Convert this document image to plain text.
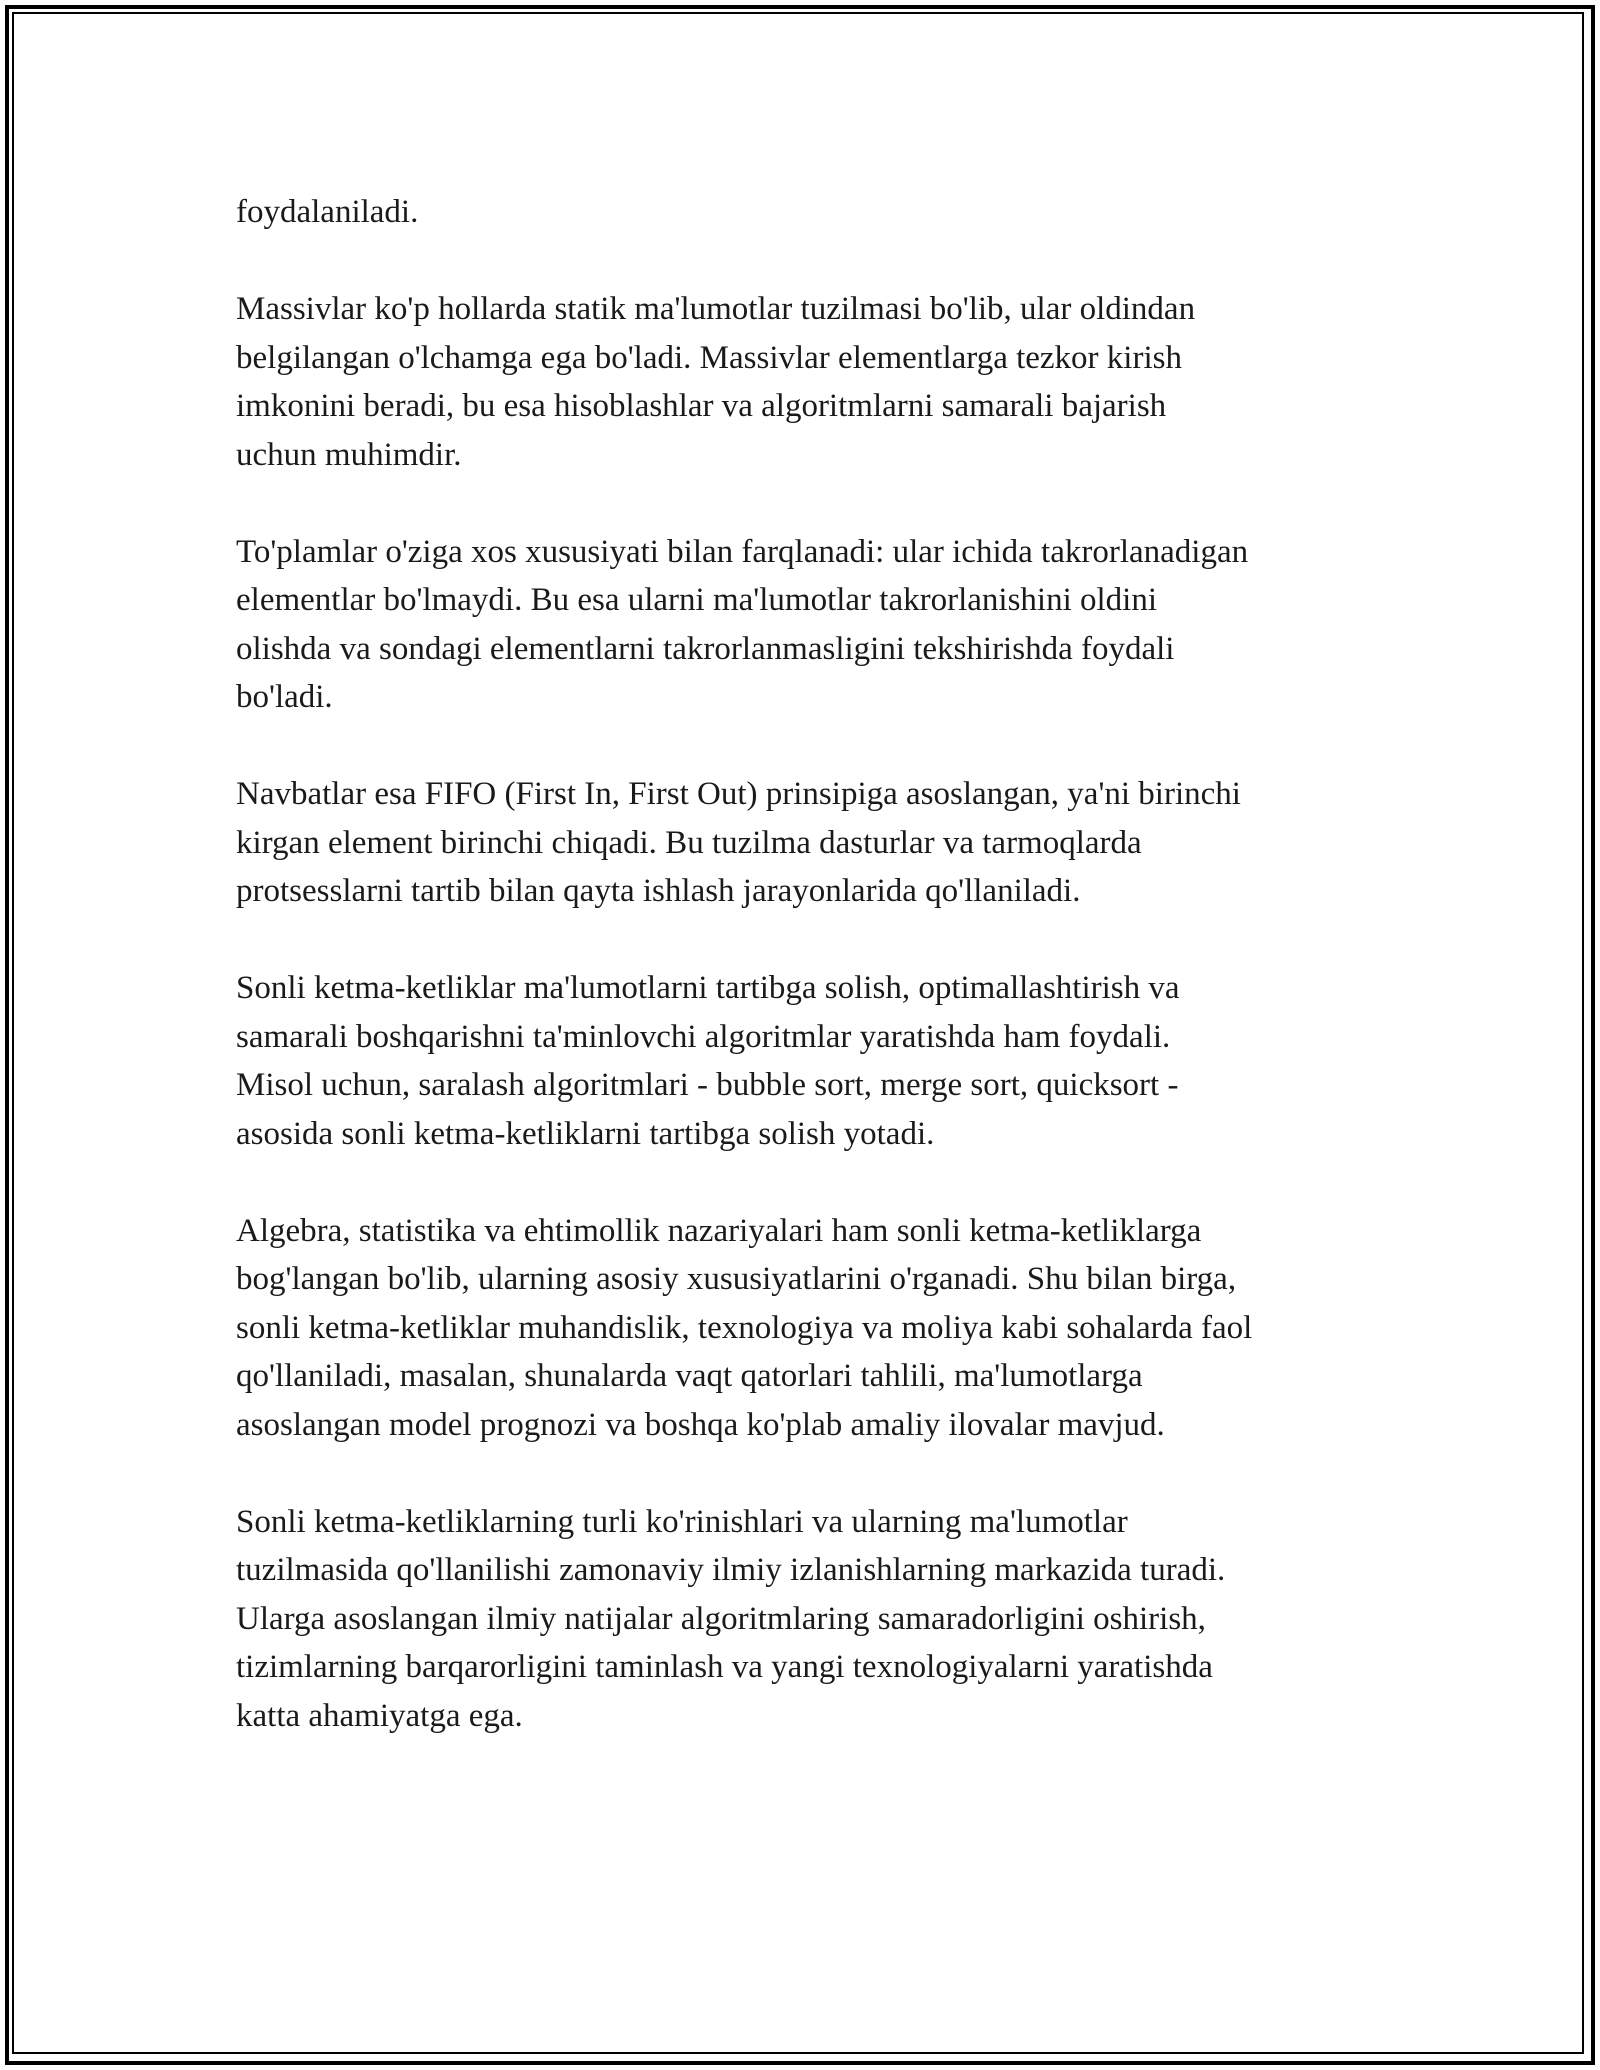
foydalaniladi.

Massivlar ko'p hollarda statik ma'lumotlar tuzilmasi bo'lib, ular oldindan
belgilangan o'lchamga ega bo'ladi. Massivlar elementlarga tezkor kirish
imkonini beradi, bu esa hisoblashlar va algoritmlarni samarali bajarish
uchun muhimdir.

To'plamlar o'ziga xos xususiyati bilan farqlanadi: ular ichida takrorlanadigan
elementlar bo'lmaydi. Bu esa ularni ma'lumotlar takrorlanishini oldini
olishda va sondagi elementlarni takrorlanmasligini tekshirishda foydali
bo'ladi.

Navbatlar esa FIFO (First In, First Out) prinsipiga asoslangan, ya'ni birinchi
kirgan element birinchi chiqadi. Bu tuzilma dasturlar va tarmoqlarda
protsesslarni tartib bilan qayta ishlash jarayonlarida qo'llaniladi.

Sonli ketma-ketliklar ma'lumotlarni tartibga solish, optimallashtirish va
samarali boshqarishni ta'minlovchi algoritmlar yaratishda ham foydali.
Misol uchun, saralash algoritmlari - bubble sort, merge sort, quicksort -
asosida sonli ketma-ketliklarni tartibga solish yotadi.

Algebra, statistika va ehtimollik nazariyalari ham sonli ketma-ketliklarga
bog'langan bo'lib, ularning asosiy xususiyatlarini o'rganadi. Shu bilan birga,
sonli ketma-ketliklar muhandislik, texnologiya va moliya kabi sohalarda faol
qo'llaniladi, masalan, shunalarda vaqt qatorlari tahlili, ma'lumotlarga
asoslangan model prognozi va boshqa ko'plab amaliy ilovalar mavjud.

Sonli ketma-ketliklarning turli ko'rinishlari va ularning ma'lumotlar
tuzilmasida qo'llanilishi zamonaviy ilmiy izlanishlarning markazida turadi.
Ularga asoslangan ilmiy natijalar algoritmlaring samaradorligini oshirish,
tizimlarning barqarorligini taminlash va yangi texnologiyalarni yaratishda
katta ahamiyatga ega.
